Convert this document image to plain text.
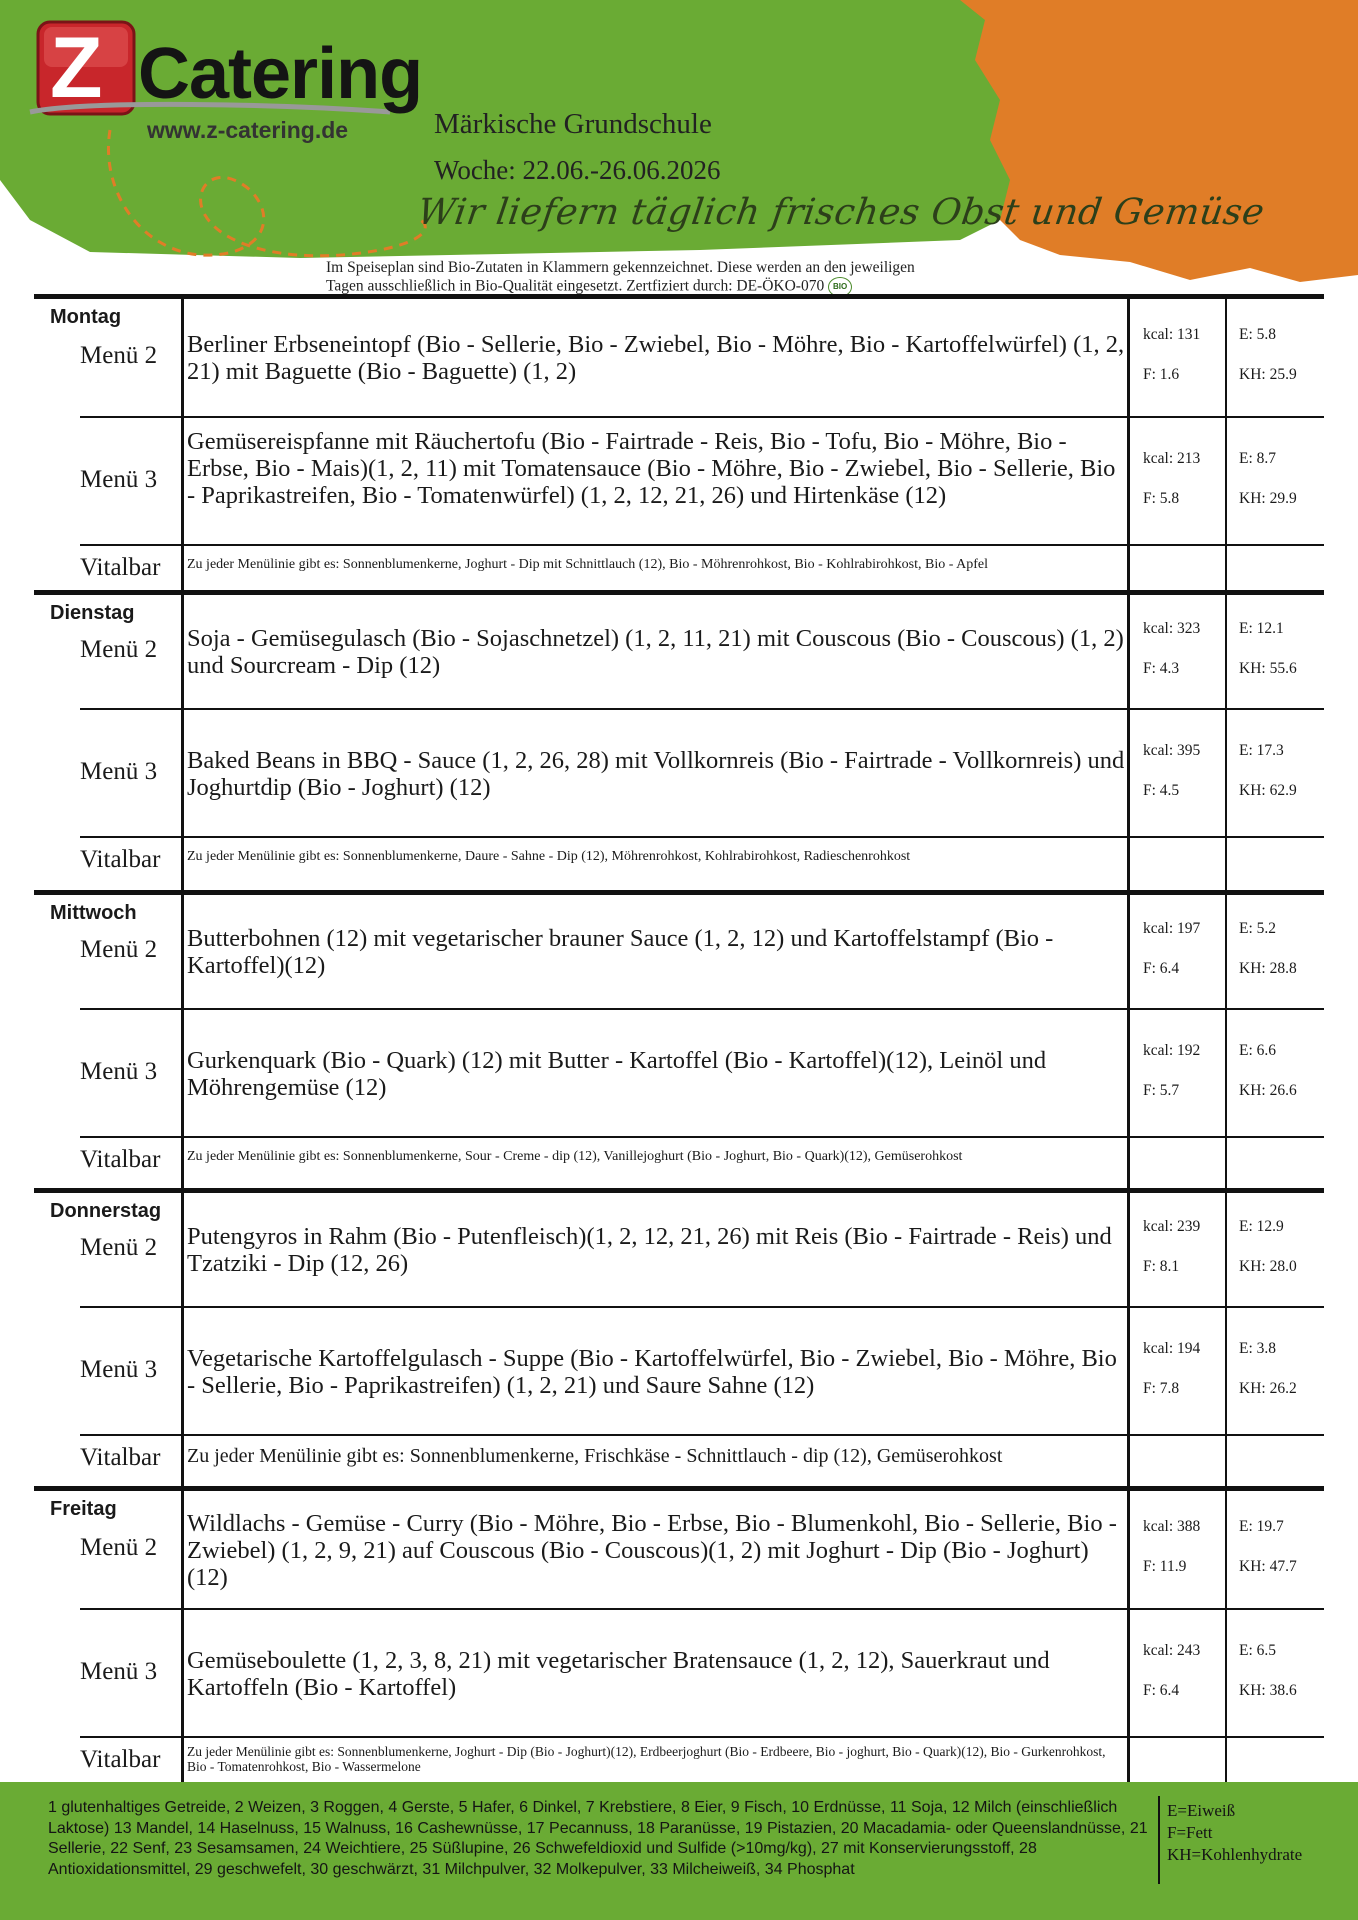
Z Catering
www.z-catering.de	Märkische Grundschule
Woche: 22.06.-26.06.2026
Wir liefern täglich frisches Obst und Gemüse
Im Speiseplan sind Bio-Zutaten in Klammern gekennzeichnet. Diese werden an den jeweiligen
Tagen ausschließlich in Bio-Qualität eingesetzt. Zertfiziert durch: DE-ÖKO-070 BIO
Montag
Menü 2 Berliner Erbseneintopf (Bio - Sellerie, Bio - Zwiebel, Bio - Möhre, Bio - Kartoffelwürfel) (1, 2, 21) mit Baguette (Bio - Baguette) (1, 2)
kcal: 131	E: 5.8
F: 1.6	KH: 25.9
Menü 3
Gemüsereispfanne mit Räuchertofu (Bio - Fairtrade - Reis, Bio - Tofu, Bio - Möhre, Bio - Erbse, Bio - Mais)(1, 2, 11) mit Tomatensauce (Bio - Möhre, Bio - Zwiebel, Bio - Sellerie, Bio - Paprikastreifen, Bio - Tomatenwürfel) (1, 2, 12, 21, 26) und Hirtenkäse (12)
kcal: 213	E: 8.7
F: 5.8	KH: 29.9
Vitalbar Zu jeder Menülinie gibt es: Sonnenblumenkerne, Joghurt - Dip mit Schnittlauch (12), Bio - Möhrenrohkost, Bio - Kohlrabirohkost, Bio - Apfel
Dienstag
Menü 2 Soja - Gemüsegulasch (Bio - Sojaschnetzel) (1, 2, 11, 21) mit Couscous (Bio - Couscous) (1, 2) und Sourcream - Dip (12)
kcal: 323	E: 12.1
F: 4.3	KH: 55.6
Menü 3 Baked Beans in BBQ - Sauce (1, 2, 26, 28) mit Vollkornreis (Bio - Fairtrade - Vollkornreis) und Joghurtdip (Bio - Joghurt) (12)
kcal: 395	E: 17.3
F: 4.5	KH: 62.9
Vitalbar Zu jeder Menülinie gibt es: Sonnenblumenkerne, Daure - Sahne - Dip (12), Möhrenrohkost, Kohlrabirohkost, Radieschenrohkost
Mittwoch
Menü 2 Butterbohnen (12) mit vegetarischer brauner Sauce (1, 2, 12) und Kartoffelstampf (Bio - Kartoffel)(12)
kcal: 197	E: 5.2
F: 6.4	KH: 28.8
Menü 3 Gurkenquark (Bio - Quark) (12) mit Butter - Kartoffel (Bio - Kartoffel)(12), Leinöl und Möhrengemüse (12)
kcal: 192	E: 6.6
F: 5.7	KH: 26.6
Vitalbar Zu jeder Menülinie gibt es: Sonnenblumenkerne, Sour - Creme - dip (12), Vanillejoghurt (Bio - Joghurt, Bio - Quark)(12), Gemüserohkost
Donnerstag
Menü 2 Putengyros in Rahm (Bio - Putenfleisch)(1, 2, 12, 21, 26) mit Reis (Bio - Fairtrade - Reis) und Tzatziki - Dip (12, 26)
kcal: 239	E: 12.9
F: 8.1	KH: 28.0
Menü 3 Vegetarische Kartoffelgulasch - Suppe (Bio - Kartoffelwürfel, Bio - Zwiebel, Bio - Möhre, Bio - Sellerie, Bio - Paprikastreifen) (1, 2, 21) und Saure Sahne (12)
kcal: 194	E: 3.8
F: 7.8	KH: 26.2
Vitalbar Zu jeder Menülinie gibt es: Sonnenblumenkerne, Frischkäse - Schnittlauch - dip (12), Gemüserohkost
Freitag
Menü 2
Wildlachs - Gemüse - Curry (Bio - Möhre, Bio - Erbse, Bio - Blumenkohl, Bio - Sellerie, Bio - Zwiebel) (1, 2, 9, 21) auf Couscous (Bio - Couscous)(1, 2) mit Joghurt - Dip (Bio - Joghurt)(12)
kcal: 388	E: 19.7
F: 11.9	KH: 47.7
Menü 3 Gemüseboulette (1, 2, 3, 8, 21) mit vegetarischer Bratensauce (1, 2, 12), Sauerkraut und Kartoffeln (Bio - Kartoffel)
kcal: 243	E: 6.5
F: 6.4	KH: 38.6
Vitalbar Zu jeder Menülinie gibt es: Sonnenblumenkerne, Joghurt - Dip (Bio - Joghurt)(12), Erdbeerjoghurt (Bio - Erdbeere, Bio - joghurt, Bio - Quark)(12), Bio - Gurkenrohkost, Bio - Tomatenrohkost, Bio - Wassermelone
1 glutenhaltiges Getreide, 2 Weizen, 3 Roggen, 4 Gerste, 5 Hafer, 6 Dinkel, 7 Krebstiere, 8 Eier, 9 Fisch, 10 Erdnüsse, 11 Soja, 12 Milch (einschließlich Laktose) 13 Mandel, 14 Haselnuss, 15 Walnuss, 16 Cashewnüsse, 17 Pecannuss, 18 Paranüsse, 19 Pistazien, 20 Macadamia- oder Queenslandnüsse, 21 Sellerie, 22 Senf, 23 Sesamsamen, 24 Weichtiere, 25 Süßlupine, 26 Schwefeldioxid und Sulfide (>10mg/kg), 27 mit Konservierungsstoff, 28 Antioxidationsmittel, 29 geschwefelt, 30 geschwärzt, 31 Milchpulver, 32 Molkepulver, 33 Milcheiweiß, 34 Phosphat
E=Eiweiß
F=Fett
KH=Kohlenhydrate
